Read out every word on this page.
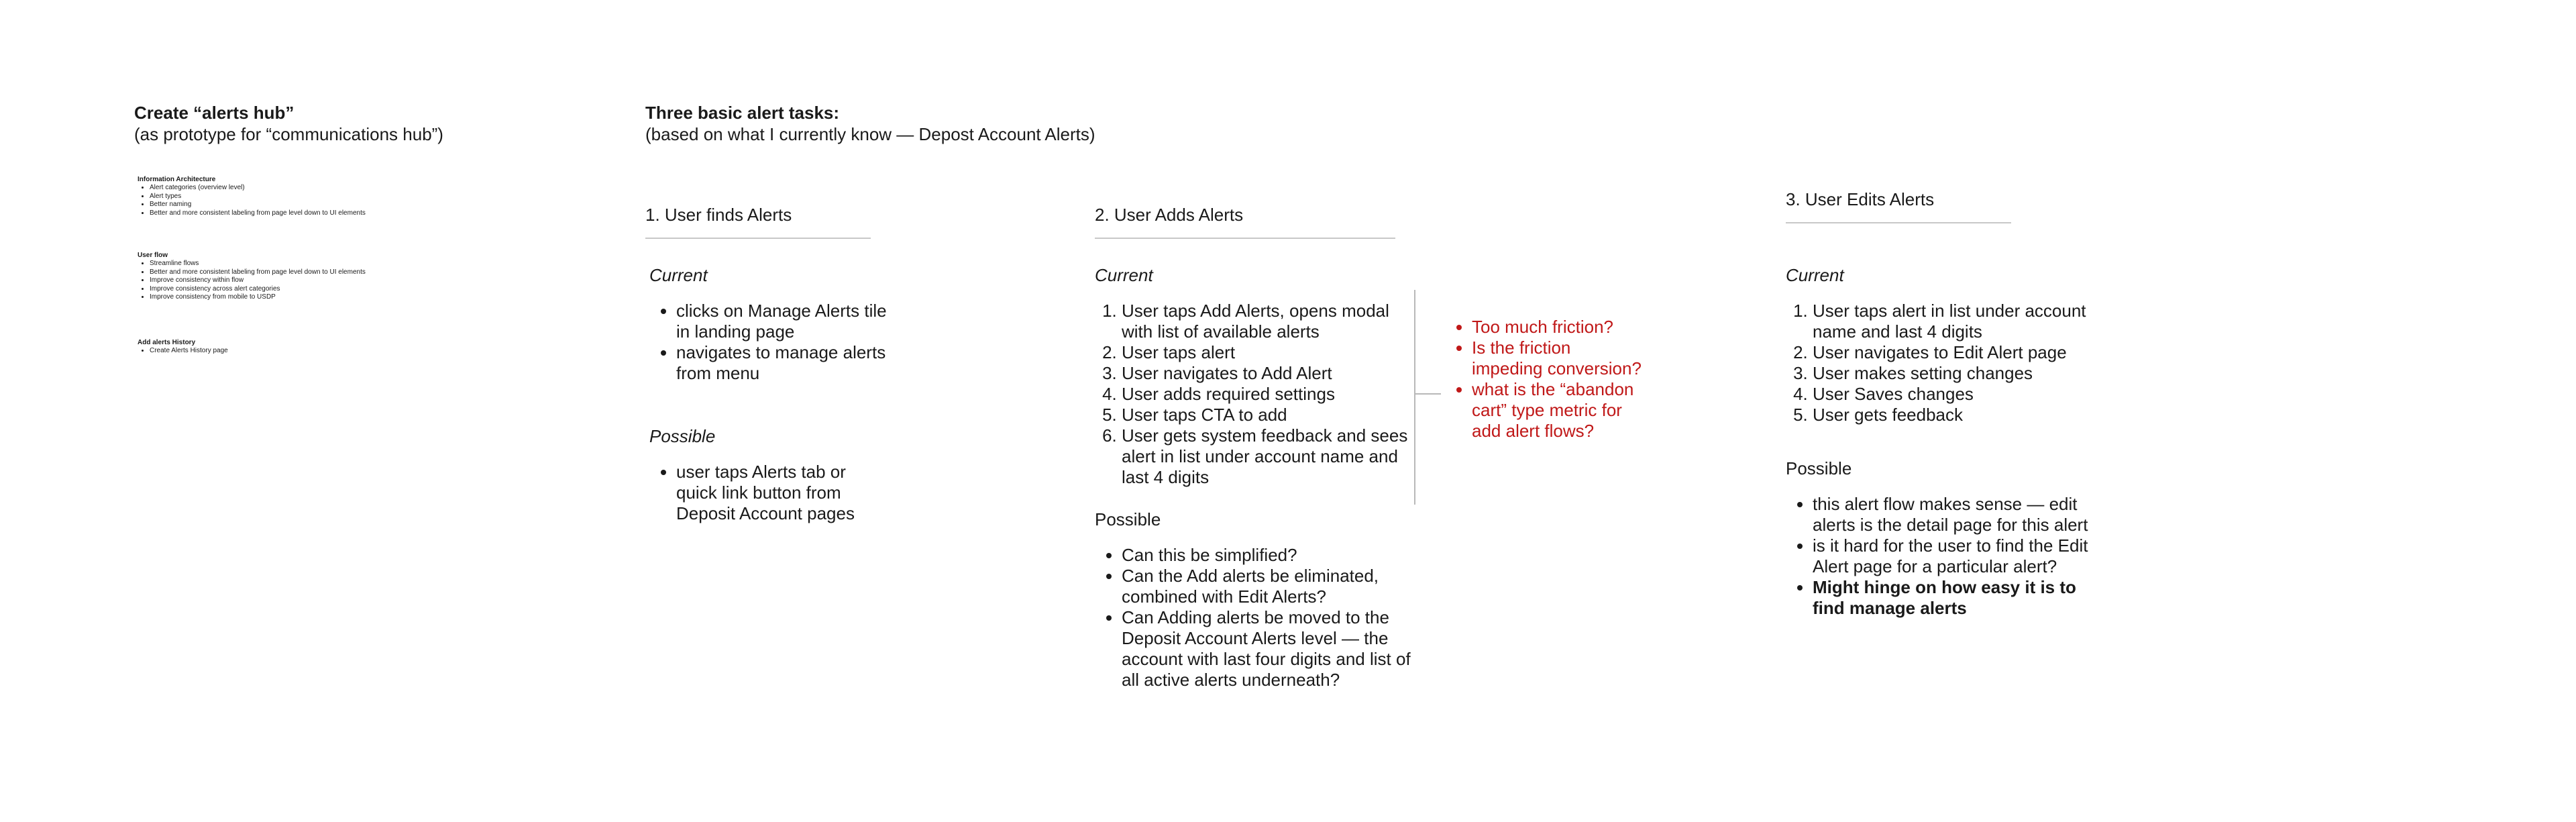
Create “alerts hub”
(as prototype for “communications hub”)
Information Architecture
• Alert categories (overview level)
• Alert types
• Better naming
• Better and more consistent labeling from page level down to UI elements
User flow
• Streamline flows
• Better and more consistent labeling from page level down to UI elements
• Improve consistency within flow
• Improve consistency across alert categories
• Improve consistency from mobile to USDP
Add alerts History
• Create Alerts History page
Three basic alert tasks:
(based on what I currently know — Depost Account Alerts)
1. User finds Alerts
Current
• clicks on Manage Alerts tile in landing page
• navigates to manage alerts from menu
Possible
• user taps Alerts tab or quick link button from Deposit Account pages
2. User Adds Alerts
Current
1. User taps Add Alerts, opens modal with list of available alerts
2. User taps alert
3. User navigates to Add Alert
4. User adds required settings
5. User taps CTA to add
6. User gets system feedback and sees alert in list under account name and last 4 digits
Possible
• Can this be simplified?
• Can the Add alerts be eliminated, combined with Edit Alerts?
• Can Adding alerts be moved to the Deposit Account Alerts level — the account with last four digits and list of all active alerts underneath?
• Too much friction?
• Is the friction impeding conversion?
• what is the “abandon cart” type metric for add alert flows?
3. User Edits Alerts
Current
1. User taps alert in list under account name and last 4 digits
2. User navigates to Edit Alert page
3. User makes setting changes
4. User Saves changes
5. User gets feedback
Possible
• this alert flow makes sense — edit alerts is the detail page for this alert
• is it hard for the user to find the Edit Alert page for a particular alert?
• Might hinge on how easy it is to find manage alerts
